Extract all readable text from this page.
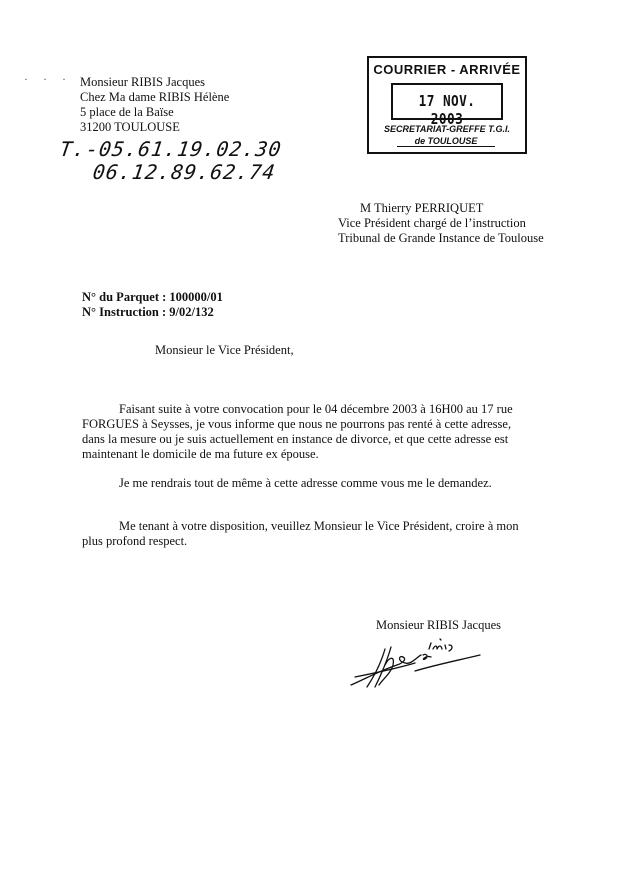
· · · Monsieur RIBIS Jacques
Chez Ma dame RIBIS Hélène
5 place de la Baïse
31200 TOULOUSE
T.-05.61.19.02.30
06.12.89.62.74
COURRIER - ARRIVÉE
17 NOV. 2003
SECRETARIAT-GREFFE T.G.I.
de TOULOUSE
M Thierry PERRIQUET
Vice Président chargé de l’instruction
Tribunal de Grande Instance de Toulouse
N° du Parquet : 100000/01
N° Instruction : 9/02/132
Monsieur le Vice Président,
Faisant suite à votre convocation pour le 04 décembre 2003 à 16H00 au 17 rue FORGUES à Seysses, je vous informe que nous ne pourrons pas renté à cette adresse, dans la mesure ou je suis actuellement en instance de divorce, et que cette adresse est maintenant le domicile de ma future ex épouse.
Je me rendrais tout de même à cette adresse comme vous me le demandez.
Me tenant à votre disposition, veuillez Monsieur le Vice Président, croire à mon plus profond respect.
Monsieur RIBIS Jacques
